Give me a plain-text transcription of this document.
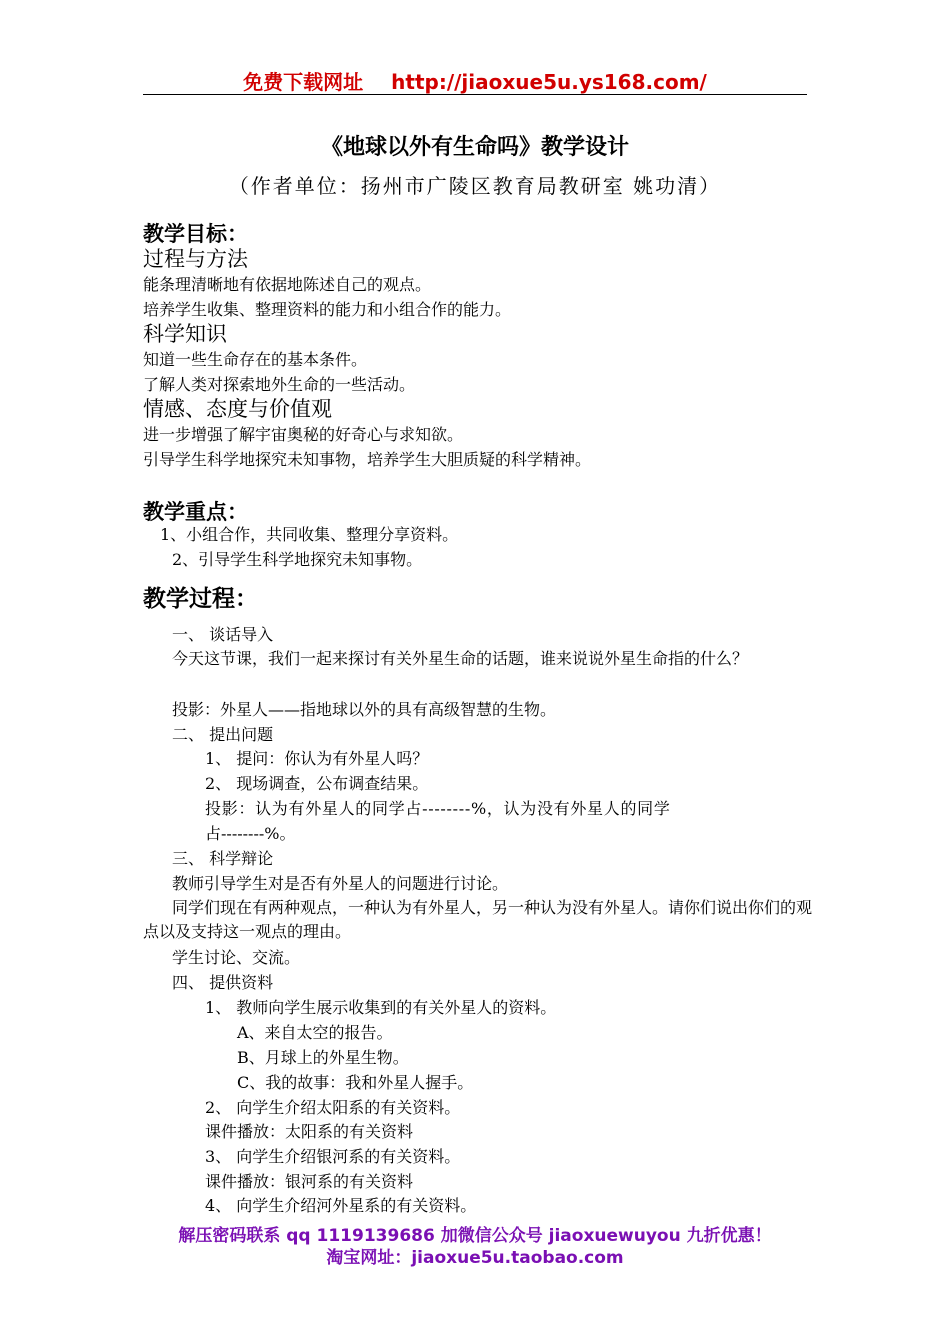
免费下载网址 http://jiaoxue5u.ys168.com/
《地球以外有生命吗》教学设计
（作者单位：扬州市广陵区教育局教研室 姚功清）
教学目标：
过程与方法
能条理清晰地有依据地陈述自己的观点。
培养学生收集、整理资料的能力和小组合作的能力。
科学知识
知道一些生命存在的基本条件。
了解人类对探索地外生命的一些活动。
情感、态度与价值观
进一步增强了解宇宙奥秘的好奇心与求知欲。
引导学生科学地探究未知事物，培养学生大胆质疑的科学精神。
教学重点：
1、小组合作，共同收集、整理分享资料。
2、引导学生科学地探究未知事物。
教学过程：
一、 谈话导入
今天这节课，我们一起来探讨有关外星生命的话题，谁来说说外星生命指的什么？
投影：外星人——指地球以外的具有高级智慧的生物。
二、 提出问题
1、 提问：你认为有外星人吗？
2、 现场调查，公布调查结果。
投影：认为有外星人的同学占--------%，认为没有外星人的同学
占--------%。
三、 科学辩论
教师引导学生对是否有外星人的问题进行讨论。
同学们现在有两种观点，一种认为有外星人，另一种认为没有外星人。请你们说出你们的观点以及支持这一观点的理由。
学生讨论、交流。
四、 提供资料
1、 教师向学生展示收集到的有关外星人的资料。
A、来自太空的报告。
B、月球上的外星生物。
C、我的故事：我和外星人握手。
2、 向学生介绍太阳系的有关资料。
课件播放：太阳系的有关资料
3、 向学生介绍银河系的有关资料。
课件播放：银河系的有关资料
4、 向学生介绍河外星系的有关资料。
解压密码联系 qq 1119139686 加微信公众号 jiaoxuewuyou 九折优惠！
淘宝网址：jiaoxue5u.taobao.com
